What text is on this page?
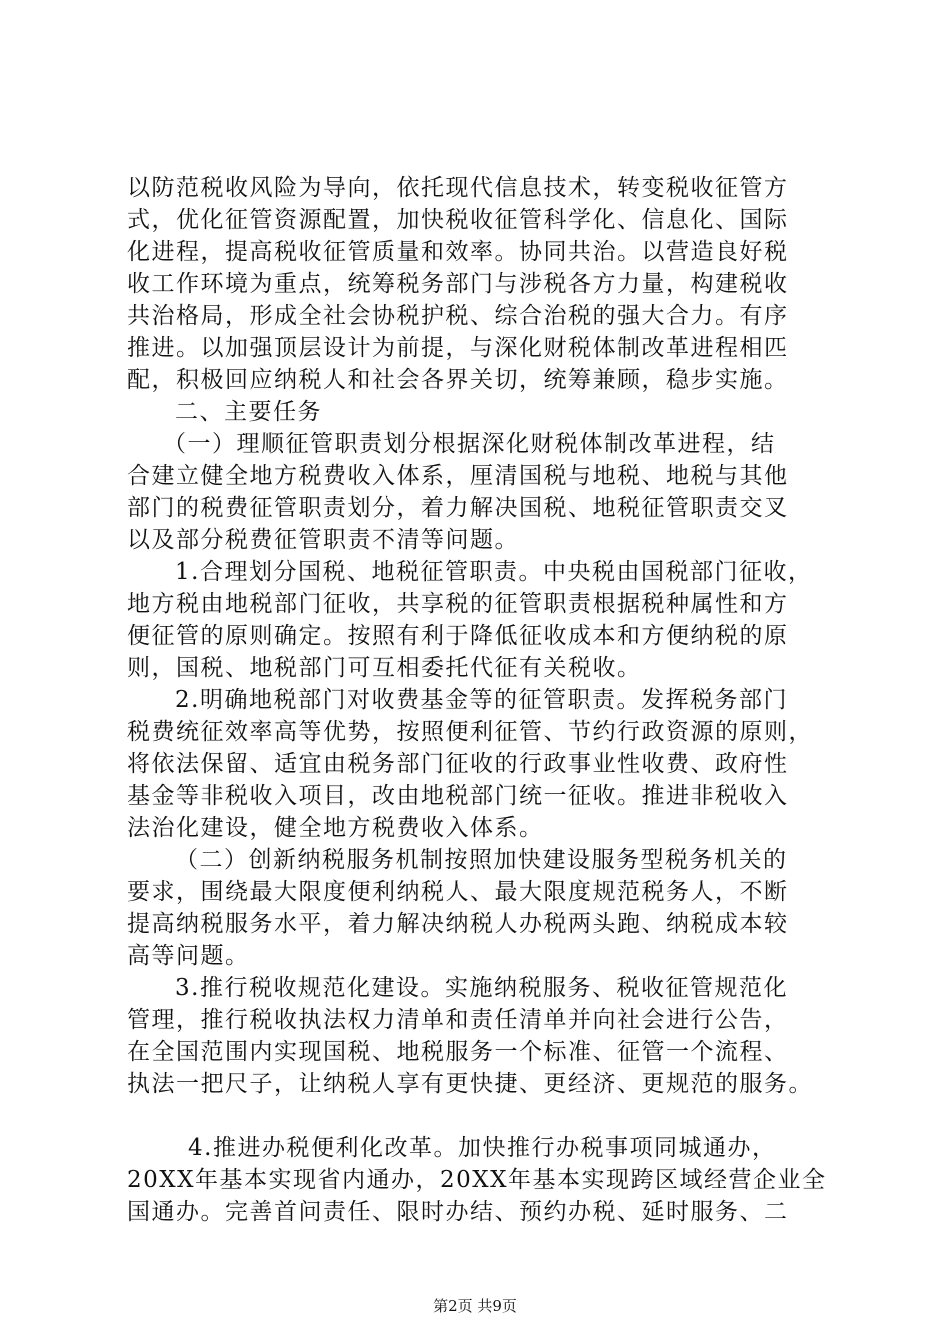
以防范税收风险为导向，依托现代信息技术，转变税收征管方
式，优化征管资源配置，加快税收征管科学化、信息化、国际
化进程，提高税收征管质量和效率。协同共治。以营造良好税
收工作环境为重点，统筹税务部门与涉税各方力量，构建税收
共治格局，形成全社会协税护税、综合治税的强大合力。有序
推进。以加强顶层设计为前提，与深化财税体制改革进程相匹
配，积极回应纳税人和社会各界关切，统筹兼顾，稳步实施。
二、主要任务
（一）理顺征管职责划分根据深化财税体制改革进程，结
合建立健全地方税费收入体系，厘清国税与地税、地税与其他
部门的税费征管职责划分，着力解决国税、地税征管职责交叉
以及部分税费征管职责不清等问题。
1.合理划分国税、地税征管职责。中央税由国税部门征收，
地方税由地税部门征收，共享税的征管职责根据税种属性和方
便征管的原则确定。按照有利于降低征收成本和方便纳税的原
则，国税、地税部门可互相委托代征有关税收。
2.明确地税部门对收费基金等的征管职责。发挥税务部门
税费统征效率高等优势，按照便利征管、节约行政资源的原则，
将依法保留、适宜由税务部门征收的行政事业性收费、政府性
基金等非税收入项目，改由地税部门统一征收。推进非税收入
法治化建设，健全地方税费收入体系。
（二）创新纳税服务机制按照加快建设服务型税务机关的
要求，围绕最大限度便利纳税人、最大限度规范税务人，不断
提高纳税服务水平，着力解决纳税人办税两头跑、纳税成本较
高等问题。
3.推行税收规范化建设。实施纳税服务、税收征管规范化
管理，推行税收执法权力清单和责任清单并向社会进行公告，
在全国范围内实现国税、地税服务一个标准、征管一个流程、
执法一把尺子，让纳税人享有更快捷、更经济、更规范的服务。
4.推进办税便利化改革。加快推行办税事项同城通办，
20XX年基本实现省内通办，20XX年基本实现跨区域经营企业全
国通办。完善首问责任、限时办结、预约办税、延时服务、二
第2页 共9页
